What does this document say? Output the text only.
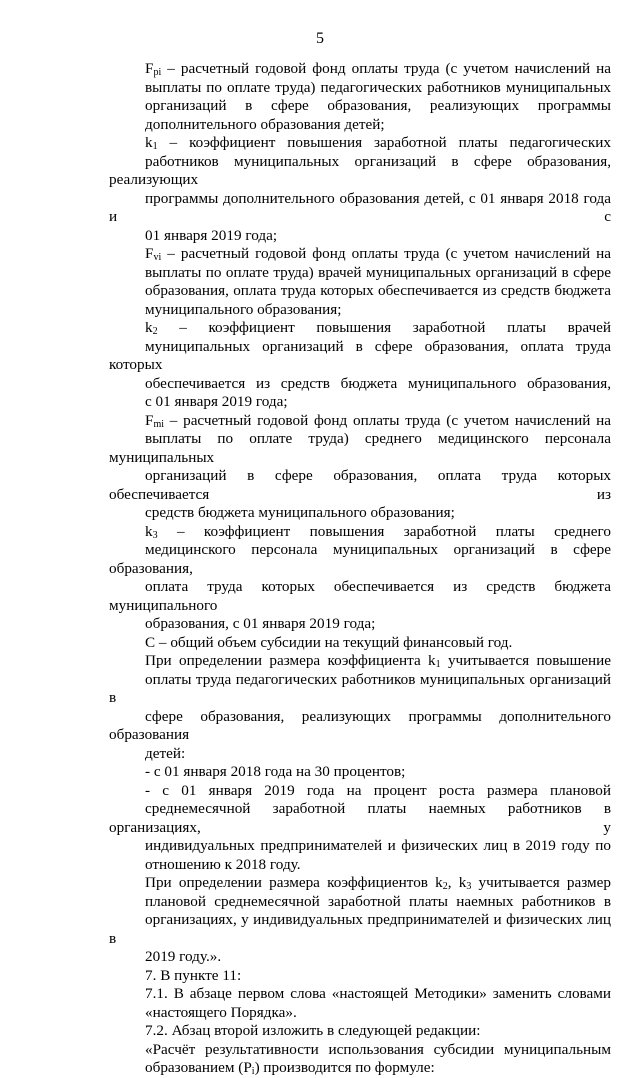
5

$F_{pi}$ – расчетный годовой фонд оплаты труда (с учетом начислений на
выплаты по оплате труда) педагогических работников муниципальных
организаций в сфере образования, реализующих программы
дополнительного образования детей;

$k_1$ – коэффициент повышения заработной платы педагогических
работников муниципальных организаций в сфере образования, реализующих
программы дополнительного образования детей, с 01 января 2018 года и с
01 января 2019 года;

$F_{vi}$ – расчетный годовой фонд оплаты труда (с учетом начислений на
выплаты по оплате труда) врачей муниципальных организаций в сфере
образования, оплата труда которых обеспечивается из средств бюджета
муниципального образования;

$k_2$ – коэффициент повышения заработной платы врачей
муниципальных организаций в сфере образования, оплата труда которых
обеспечивается из средств бюджета муниципального образования,
с 01 января 2019 года;

$F_{mi}$ – расчетный годовой фонд оплаты труда (с учетом начислений на
выплаты по оплате труда) среднего медицинского персонала муниципальных
организаций в сфере образования, оплата труда которых обеспечивается из
средств бюджета муниципального образования;

$k_3$ – коэффициент повышения заработной платы среднего
медицинского персонала муниципальных организаций в сфере образования,
оплата труда которых обеспечивается из средств бюджета муниципального
образования, с 01 января 2019 года;

С – общий объем субсидии на текущий финансовый год.

При определении размера коэффициента $k_1$ учитывается повышение
оплаты труда педагогических работников муниципальных организаций в
сфере образования, реализующих программы дополнительного образования
детей:

- с 01 января 2018 года на 30 процентов;

- с 01 января 2019 года на процент роста размера плановой
среднемесячной заработной платы наемных работников в организациях, у
индивидуальных предпринимателей и физических лиц в 2019 году по
отношению к 2018 году.

При определении размера коэффициентов $k_2$, $k_3$ учитывается размер
плановой среднемесячной заработной платы наемных работников в
организациях, у индивидуальных предпринимателей и физических лиц в
2019 году.».

7. В пункте 11:

7.1. В абзаце первом слова «настоящей Методики» заменить словами
«настоящего Порядка».

7.2. Абзац второй изложить в следующей редакции:

«Расчёт результативности использования субсидии муниципальным
образованием $(P_i)$ производится по формуле:
